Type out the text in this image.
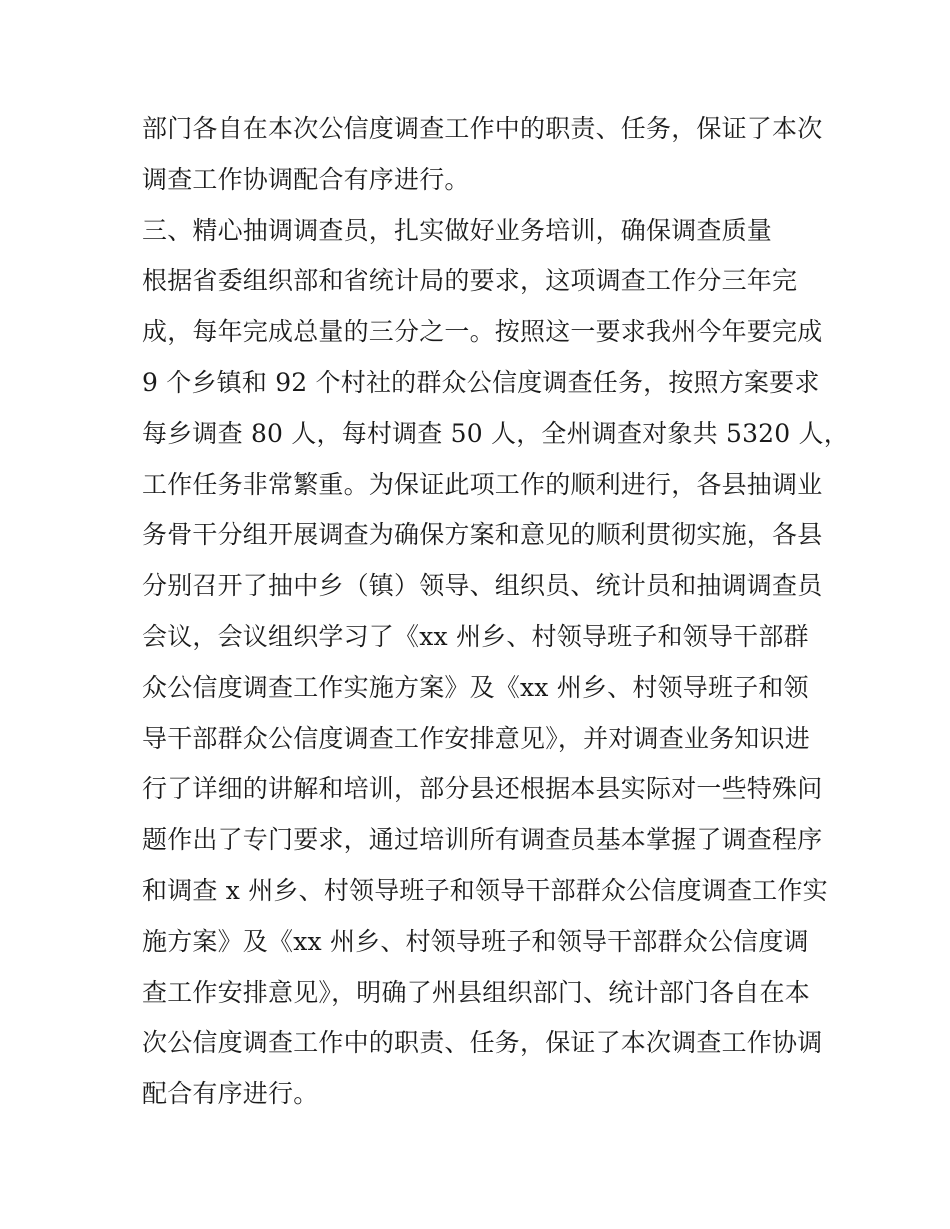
部门各自在本次公信度调查工作中的职责、任务，保证了本次
调查工作协调配合有序进行。
三、精心抽调调查员，扎实做好业务培训，确保调查质量
根据省委组织部和省统计局的要求，这项调查工作分三年完
成，每年完成总量的三分之一。按照这一要求我州今年要完成
9 个乡镇和 92 个村社的群众公信度调查任务，按照方案要求
每乡调查 80 人，每村调查 50 人，全州调查对象共 5320 人，
工作任务非常繁重。为保证此项工作的顺利进行，各县抽调业
务骨干分组开展调查为确保方案和意见的顺利贯彻实施，各县
分别召开了抽中乡（镇）领导、组织员、统计员和抽调调查员
会议，会议组织学习了《xx 州乡、村领导班子和领导干部群
众公信度调查工作实施方案》及《xx 州乡、村领导班子和领
导干部群众公信度调查工作安排意见》，并对调查业务知识进
行了详细的讲解和培训，部分县还根据本县实际对一些特殊问
题作出了专门要求，通过培训所有调查员基本掌握了调查程序
和调查 x 州乡、村领导班子和领导干部群众公信度调查工作实
施方案》及《xx 州乡、村领导班子和领导干部群众公信度调
查工作安排意见》，明确了州县组织部门、统计部门各自在本
次公信度调查工作中的职责、任务，保证了本次调查工作协调
配合有序进行。
